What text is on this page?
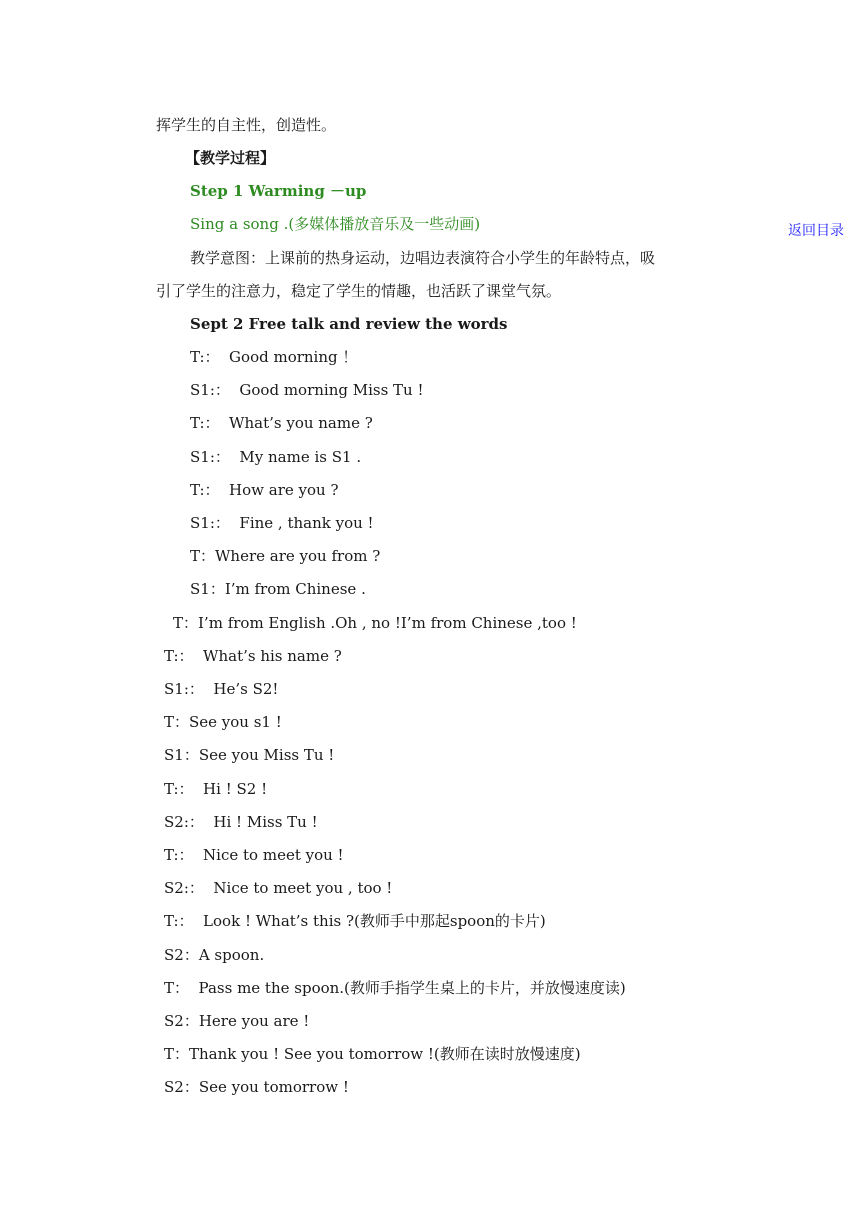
挥学生的自主性，创造性。
【教学过程】
Step 1 Warming －up
Sing a song .(多媒体播放音乐及一些动画)	返回目录
教学意图：上课前的热身运动，边唱边表演符合小学生的年龄特点，吸
引了学生的注意力，稳定了学生的情趣，也活跃了课堂气氛。
Sept 2 Free talk and review the words
T:：  Good morning ！
S1:：  Good morning Miss Tu !
T:：  What’s you name ?
S1:：  My name is S1 .
T:：  How are you ?
S1:：  Fine , thank you !
T：Where are you from ?
S1：I’m from Chinese .
T：I’m from English .Oh , no !I’m from Chinese ,too !
T:：  What’s his name ?
S1:：  He’s S2!
T：See you s1 !
S1：See you Miss Tu !
T:：  Hi ! S2 !
S2:：  Hi ! Miss Tu !
T:：  Nice to meet you !
S2:：  Nice to meet you , too !
T:：  Look ! What’s this ?(教师手中那起spoon的卡片)
S2：A spoon.
T：  Pass me the spoon.(教师手指学生桌上的卡片，并放慢速度读)
S2：Here you are !
T：Thank you ! See you tomorrow !(教师在读时放慢速度)
S2：See you tomorrow !
